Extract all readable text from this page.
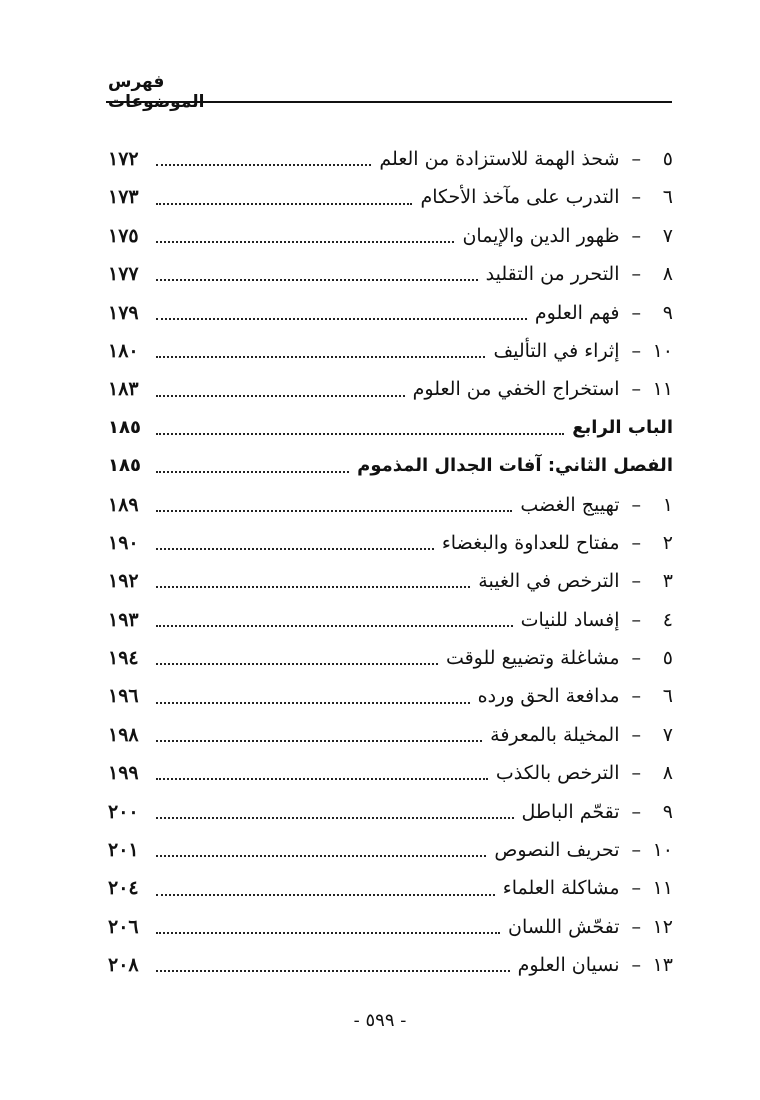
فهرس الموضوعات
٥
–
شحذ الهمة للاستزادة من العلم
١٧٢
٦
–
التدرب على مآخذ الأحكام
١٧٣
٧
–
ظهور الدين والإيمان
١٧٥
٨
–
التحرر من التقليد
١٧٧
٩
–
فهم العلوم
١٧٩
١٠
–
إثراء في التأليف
١٨٠
١١
–
استخراج الخفي من العلوم
١٨٣
الباب الرابع
١٨٥
الفصل الثاني: آفات الجدال المذموم
١٨٥
١
–
تهييج الغضب
١٨٩
٢
–
مفتاح للعداوة والبغضاء
١٩٠
٣
–
الترخص في الغيبة
١٩٢
٤
–
إفساد للنيات
١٩٣
٥
–
مشاغلة وتضييع للوقت
١٩٤
٦
–
مدافعة الحق ورده
١٩٦
٧
–
المخيلة بالمعرفة
١٩٨
٨
–
الترخص بالكذب
١٩٩
٩
–
تقحّم الباطل
٢٠٠
١٠
–
تحريف النصوص
٢٠١
١١
–
مشاكلة العلماء
٢٠٤
١٢
–
تفحّش اللسان
٢٠٦
١٣
–
نسيان العلوم
٢٠٨
- ٥٩٩ -
